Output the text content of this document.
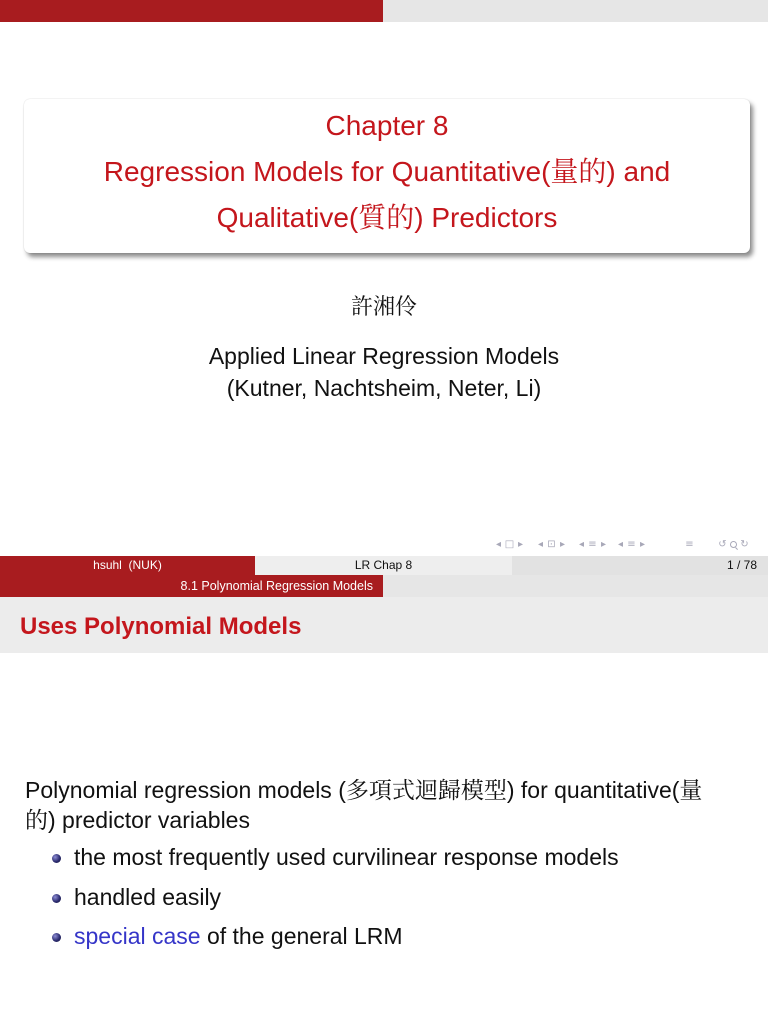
Chapter 8
Regression Models for Quantitative(量的) and
Qualitative(質的) Predictors
許湘伶
Applied Linear Regression Models
(Kutner, Nachtsheim, Neter, Li)
◂
□
▸
◂
⊡
▸
◂
≡
▸
◂
≡
▸
≡
↺
↻
hsuhl  (NUK)	LR Chap 8	1 / 78
8.1 Polynomial Regression Models
Uses Polynomial Models
Polynomial regression models (多項式迴歸模型) for quantitative(量
的) predictor variables
the most frequently used curvilinear response models
handled easily
special case of the general LRM
